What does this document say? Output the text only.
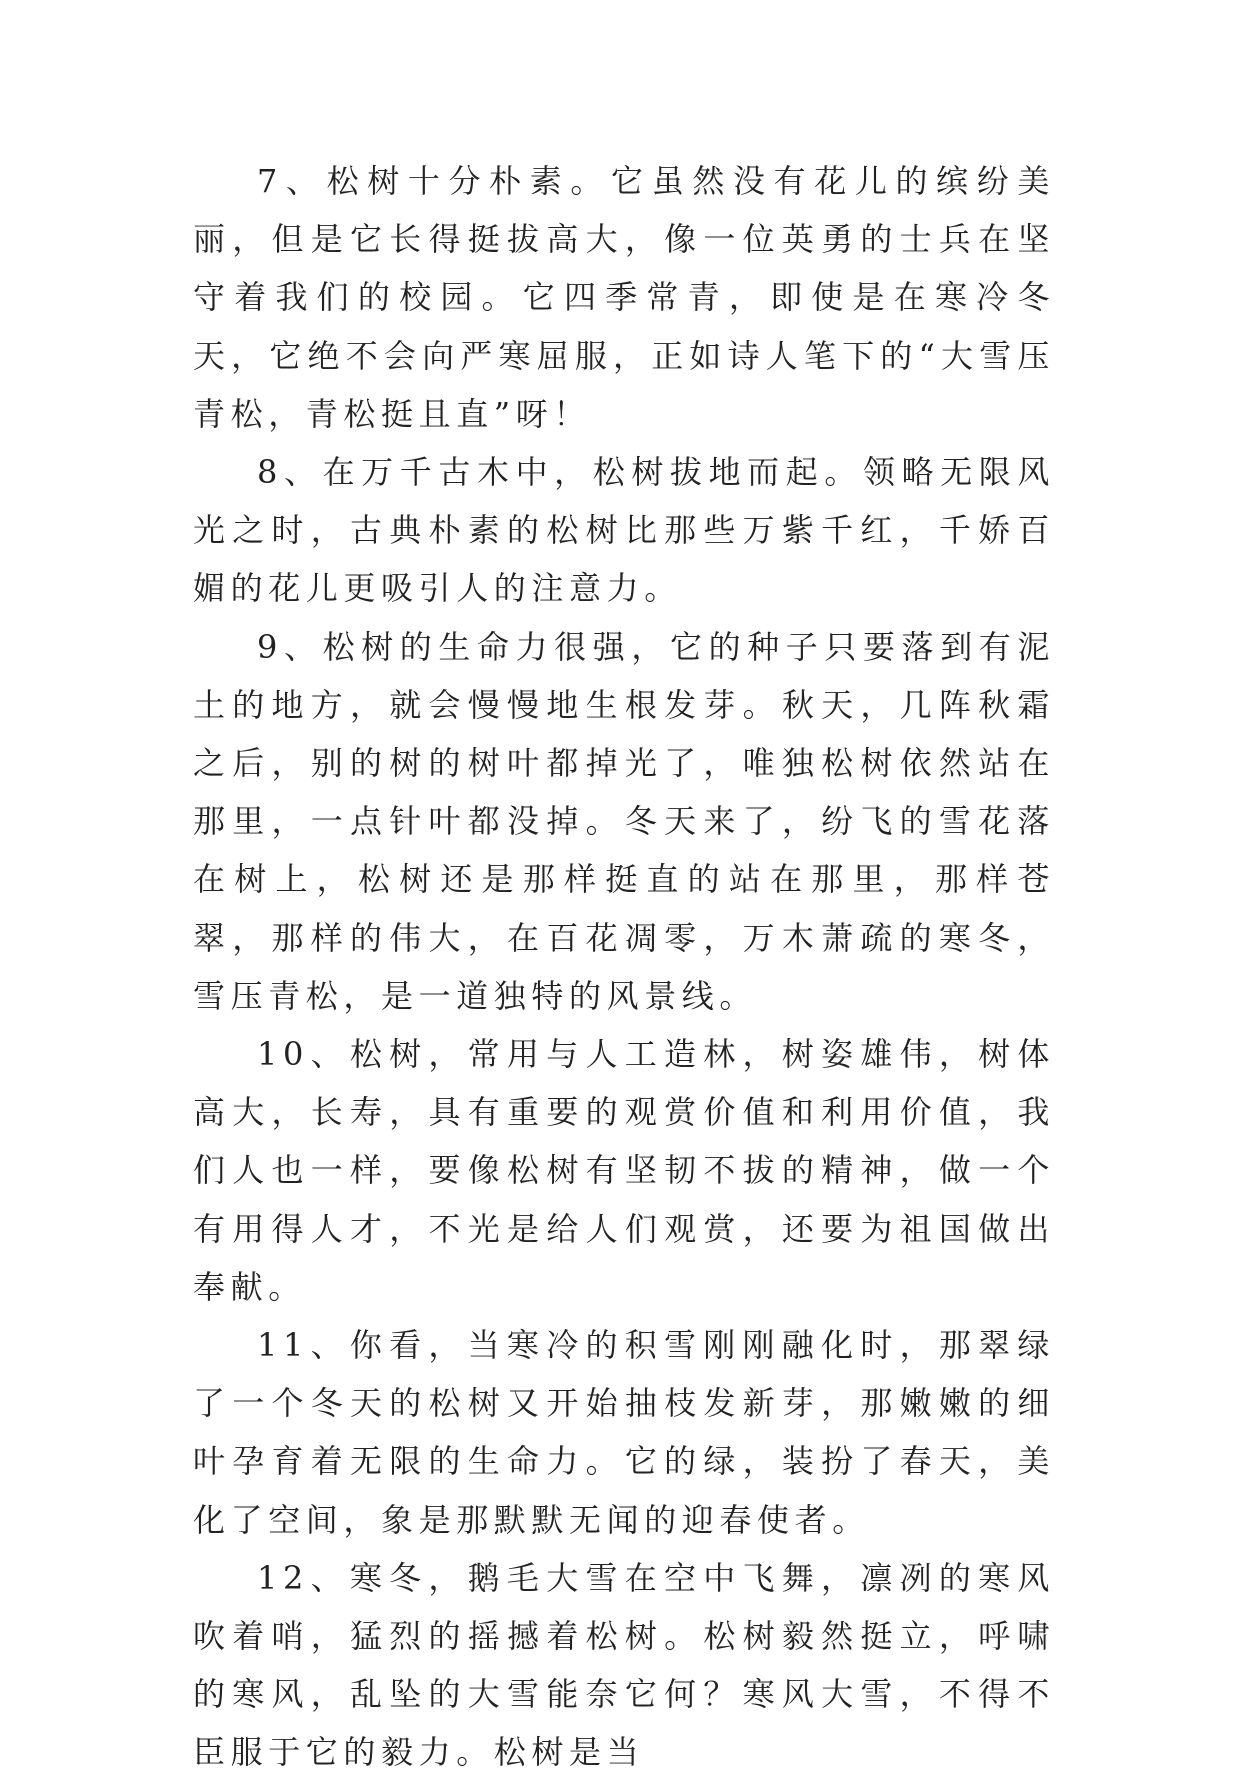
7、松树十分朴素。它虽然没有花儿的缤纷美丽，但是它长得挺拔高大，像一位英勇的士兵在坚守着我们的校园。它四季常青，即使是在寒冷冬天，它绝不会向严寒屈服，正如诗人笔下的“大雪压青松，青松挺且直”呀！

8、在万千古木中，松树拔地而起。领略无限风光之时，古典朴素的松树比那些万紫千红，千娇百媚的花儿更吸引人的注意力。

9、松树的生命力很强，它的种子只要落到有泥土的地方，就会慢慢地生根发芽。秋天，几阵秋霜之后，别的树的树叶都掉光了，唯独松树依然站在那里，一点针叶都没掉。冬天来了，纷飞的雪花落在树上，松树还是那样挺直的站在那里，那样苍翠，那样的伟大，在百花凋零，万木萧疏的寒冬，雪压青松，是一道独特的风景线。

10、松树，常用与人工造林，树姿雄伟，树体高大，长寿，具有重要的观赏价值和利用价值，我们人也一样，要像松树有坚韧不拔的精神，做一个有用得人才，不光是给人们观赏，还要为祖国做出奉献。

11、你看，当寒冷的积雪刚刚融化时，那翠绿了一个冬天的松树又开始抽枝发新芽，那嫩嫩的细叶孕育着无限的生命力。它的绿，装扮了春天，美化了空间，象是那默默无闻的迎春使者。

12、寒冬，鹅毛大雪在空中飞舞，凛冽的寒风吹着哨，猛烈的摇撼着松树。松树毅然挺立，呼啸的寒风，乱坠的大雪能奈它何？寒风大雪，不得不臣服于它的毅力。松树是当
